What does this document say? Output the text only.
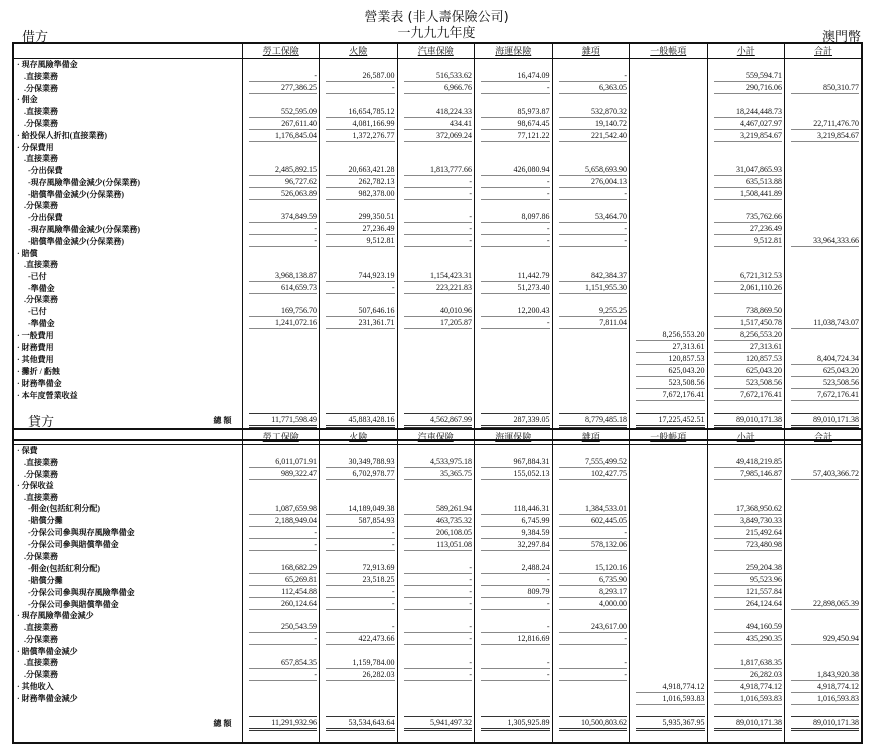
營業表 (非人壽保險公司)
一九九九年度
借方	澳門幣
	勞工保險	火險	汽車保險	海運保險	雜項	一般帳項	小計	合計
· 現存風險準備金	

.直接業務	-	26,587.00	516,533.62	16,474.09	-		559,594.71	

.分保業務	277,386.25	-	6,966.76	-	6,363.05		290,716.06	850,310.77

· 佣金	

.直接業務	552,595.09	16,654,785.12	418,224.33	85,973.87	532,870.32		18,244,448.73	

.分保業務	267,611.40	4,081,166.99	434.41	98,674.45	19,140.72		4,467,027.97	22,711,476.70

· 給投保人折扣(直接業務)	1,176,845.04	1,372,276.77	372,069.24	77,121.22	221,542.40		3,219,854.67	3,219,854.67

· 分保費用	

.直接業務	

-分出保費	2,485,892.15	20,663,421.28	1,813,777.66	426,080.94	5,658,693.90		31,047,865.93	

-現存風險準備金減少(分保業務)	96,727.62	262,782.13	-	-	276,004.13		635,513.88	

-賠償準備金減少(分保業務)	526,063.89	982,378.00	-	-	-		1,508,441.89	

.分保業務	

-分出保費	374,849.59	299,350.51	-	8,097.86	53,464.70		735,762.66	

-現存風險準備金減少(分保業務)	-	27,236.49	-	-	-		27,236.49	

-賠償準備金減少(分保業務)	-	9,512.81	-	-	-		9,512.81	33,964,333.66

· 賠償	

.直接業務	

-已付	3,968,138.87	744,923.19	1,154,423.31	11,442.79	842,384.37		6,721,312.53	

-準備金	614,659.73	-	223,221.83	51,273.40	1,151,955.30		2,061,110.26	

.分保業務	

-已付	169,756.70	507,646.16	40,010.96	12,200.43	9,255.25		738,869.50	

-準備金	1,241,072.16	231,361.71	17,205.87	-	7,811.04		1,517,450.78	11,038,743.07

· 一般費用						8,256,553.20	8,256,553.20	

· 財務費用						27,313.61	27,313.61	

· 其他費用						120,857.53	120,857.53	8,404,724.34

· 攤折 / 虧蝕						625,043.20	625,043.20	625,043.20

· 財務準備金						523,508.56	523,508.56	523,508.56

· 本年度營業收益						7,672,176.41	7,672,176.41	7,672,176.41

總 額	11,771,598.49	45,883,428.16	4,562,867.99	287,339.05	8,779,485.18	17,225,452.51	89,010,171.38	89,010,171.38

貸方
	勞工保險	火險	汽車保險	海運保險	雜項	一般帳項	小計	合計
· 保費	

.直接業務	6,011,071.91	30,349,788.93	4,533,975.18	967,884.31	7,555,499.52		49,418,219.85	

.分保業務	989,322.47	6,702,978.77	35,365.75	155,052.13	102,427.75		7,985,146.87	57,403,366.72

· 分保收益	

.直接業務	

-佣金(包括紅利分配)	1,087,659.98	14,189,049.38	589,261.94	118,446.31	1,384,533.01		17,368,950.62	

-賠償分攤	2,188,949.04	587,854.93	463,735.32	6,745.99	602,445.05		3,849,730.33	

-分保公司參與現存風險準備金	-	-	206,108.05	9,384.59	-		215,492.64	

-分保公司參與賠償準備金	-	-	113,051.08	32,297.84	578,132.06		723,480.98	

.分保業務	

-佣金(包括紅利分配)	168,682.29	72,913.69	-	2,488.24	15,120.16		259,204.38	

-賠償分攤	65,269.81	23,518.25	-	-	6,735.90		95,523.96	

-分保公司參與現存風險準備金	112,454.88	-	-	809.79	8,293.17		121,557.84	

-分保公司參與賠償準備金	260,124.64	-	-	-	4,000.00		264,124.64	22,898,065.39

· 現存風險準備金減少	

.直接業務	250,543.59	-	-	-	243,617.00		494,160.59	

.分保業務	-	422,473.66	-	12,816.69	-		435,290.35	929,450.94

· 賠償準備金減少	

.直接業務	657,854.35	1,159,784.00	-	-	-		1,817,638.35	

.分保業務	-	26,282.03	-	-	-		26,282.03	1,843,920.38

· 其他收入						4,918,774.12	4,918,774.12	4,918,774.12

· 財務準備金減少						1,016,593.83	1,016,593.83	1,016,593.83

總 額	11,291,932.96	53,534,643.64	5,941,497.32	1,305,925.89	10,500,803.62	5,935,367.95	89,010,171.38	89,010,171.38
